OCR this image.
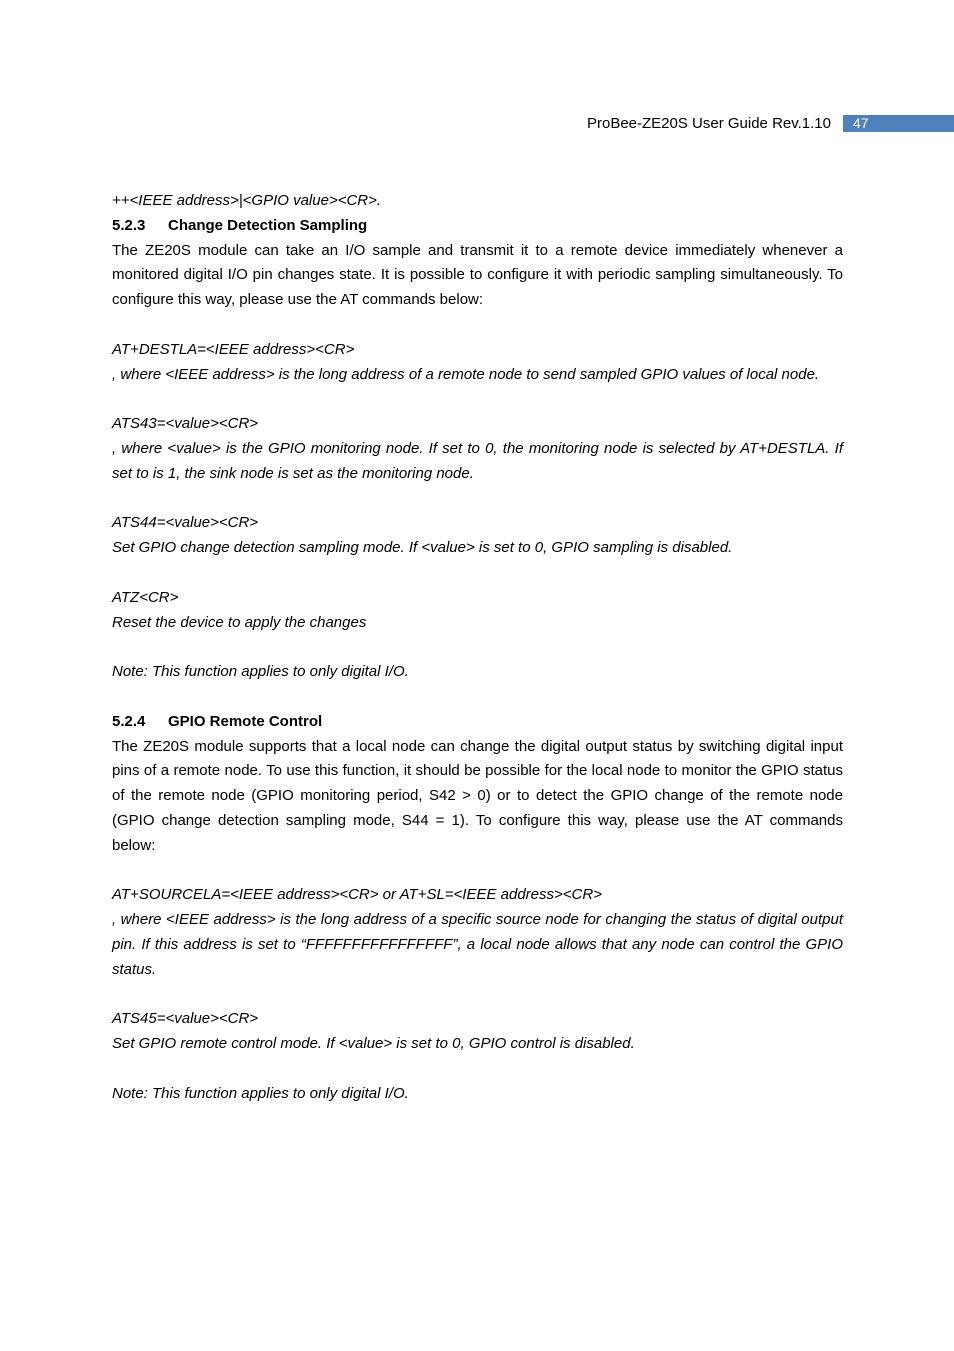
ProBee-ZE20S User Guide Rev.1.10	47

++<IEEE address>|<GPIO value><CR>.

5.2.3 Change Detection Sampling

The ZE20S module can take an I/O sample and transmit it to a remote device immediately whenever a monitored digital I/O pin changes state. It is possible to configure it with periodic sampling simultaneously. To configure this way, please use the AT commands below:

AT+DESTLA=<IEEE address><CR>

, where <IEEE address> is the long address of a remote node to send sampled GPIO values of local node.

ATS43=<value><CR>

, where <value> is the GPIO monitoring node. If set to 0, the monitoring node is selected by AT+DESTLA. If set to is 1, the sink node is set as the monitoring node.

ATS44=<value><CR>

Set GPIO change detection sampling mode. If <value> is set to 0, GPIO sampling is disabled.

ATZ<CR>

Reset the device to apply the changes

Note: This function applies to only digital I/O.

5.2.4 GPIO Remote Control

The ZE20S module supports that a local node can change the digital output status by switching digital input pins of a remote node. To use this function, it should be possible for the local node to monitor the GPIO status of the remote node (GPIO monitoring period, S42 > 0) or to detect the GPIO change of the remote node (GPIO change detection sampling mode, S44 = 1). To configure this way, please use the AT commands below:

AT+SOURCELA=<IEEE address><CR> or AT+SL=<IEEE address><CR>

, where <IEEE address> is the long address of a specific source node for changing the status of digital output pin. If this address is set to “FFFFFFFFFFFFFFFF”, a local node allows that any node can control the GPIO status.

ATS45=<value><CR>

Set GPIO remote control mode. If <value> is set to 0, GPIO control is disabled.

Note: This function applies to only digital I/O.
